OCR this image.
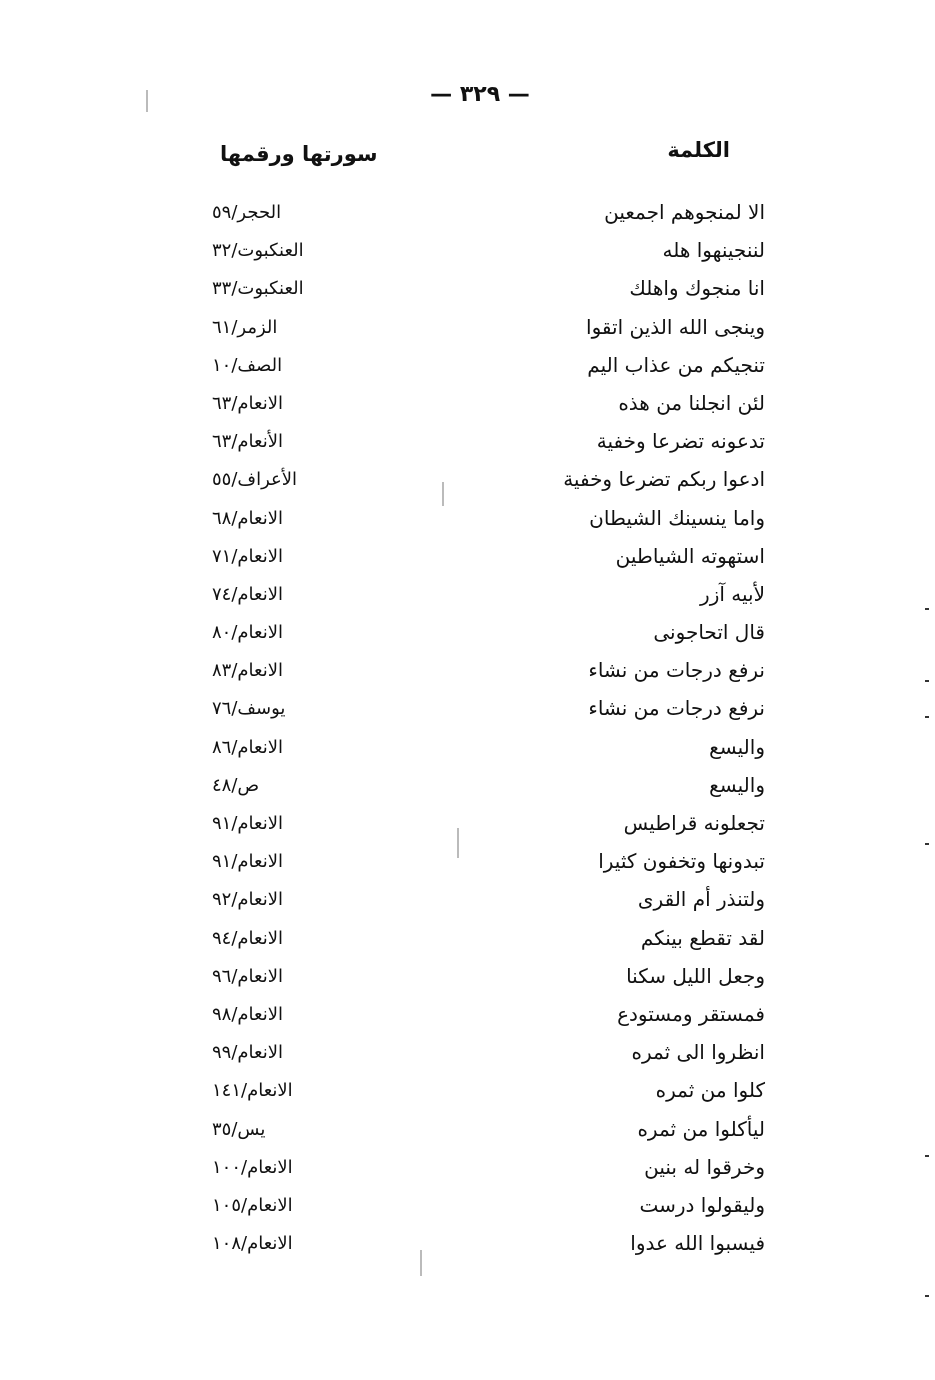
— ٣٢٩ —
الكلمة
سورتها ورقمها
الا لمنجوهم اجمعين
الحجر/٥٩
لننجينهوا هله
العنكبوت/٣٢
انا منجوك واهلك
العنكبوت/٣٣
وينجى الله الذين اتقوا
الزمر/٦١
تنجيكم من عذاب اليم
الصف/١٠
لئن انجلنا من هذه
الانعام/٦٣
تدعونه تضرعا وخفية
الأنعام/٦٣
ادعوا ربكم تضرعا وخفية
الأعراف/٥٥
واما ينسينك الشيطان
الانعام/٦٨
استهوته الشياطين
الانعام/٧١
لأبيه آزر
الانعام/٧٤
قال اتحاجونى
الانعام/٨٠
نرفع درجات من نشاء
الانعام/٨٣
نرفع درجات من نشاء
يوسف/٧٦
واليسع
الانعام/٨٦
واليسع
ص/٤٨
تجعلونه قراطيس
الانعام/٩١
تبدونها وتخفون كثيرا
الانعام/٩١
ولتنذر أم القرى
الانعام/٩٢
لقد تقطع بينكم
الانعام/٩٤
وجعل الليل سكنا
الانعام/٩٦
فمستقر ومستودع
الانعام/٩٨
انظروا الى ثمره
الانعام/٩٩
كلوا من ثمره
الانعام/١٤١
ليأكلوا من ثمره
يس/٣٥
وخرقوا له بنين
الانعام/١٠٠
وليقولوا درست
الانعام/١٠٥
فيسبوا الله عدوا
الانعام/١٠٨
